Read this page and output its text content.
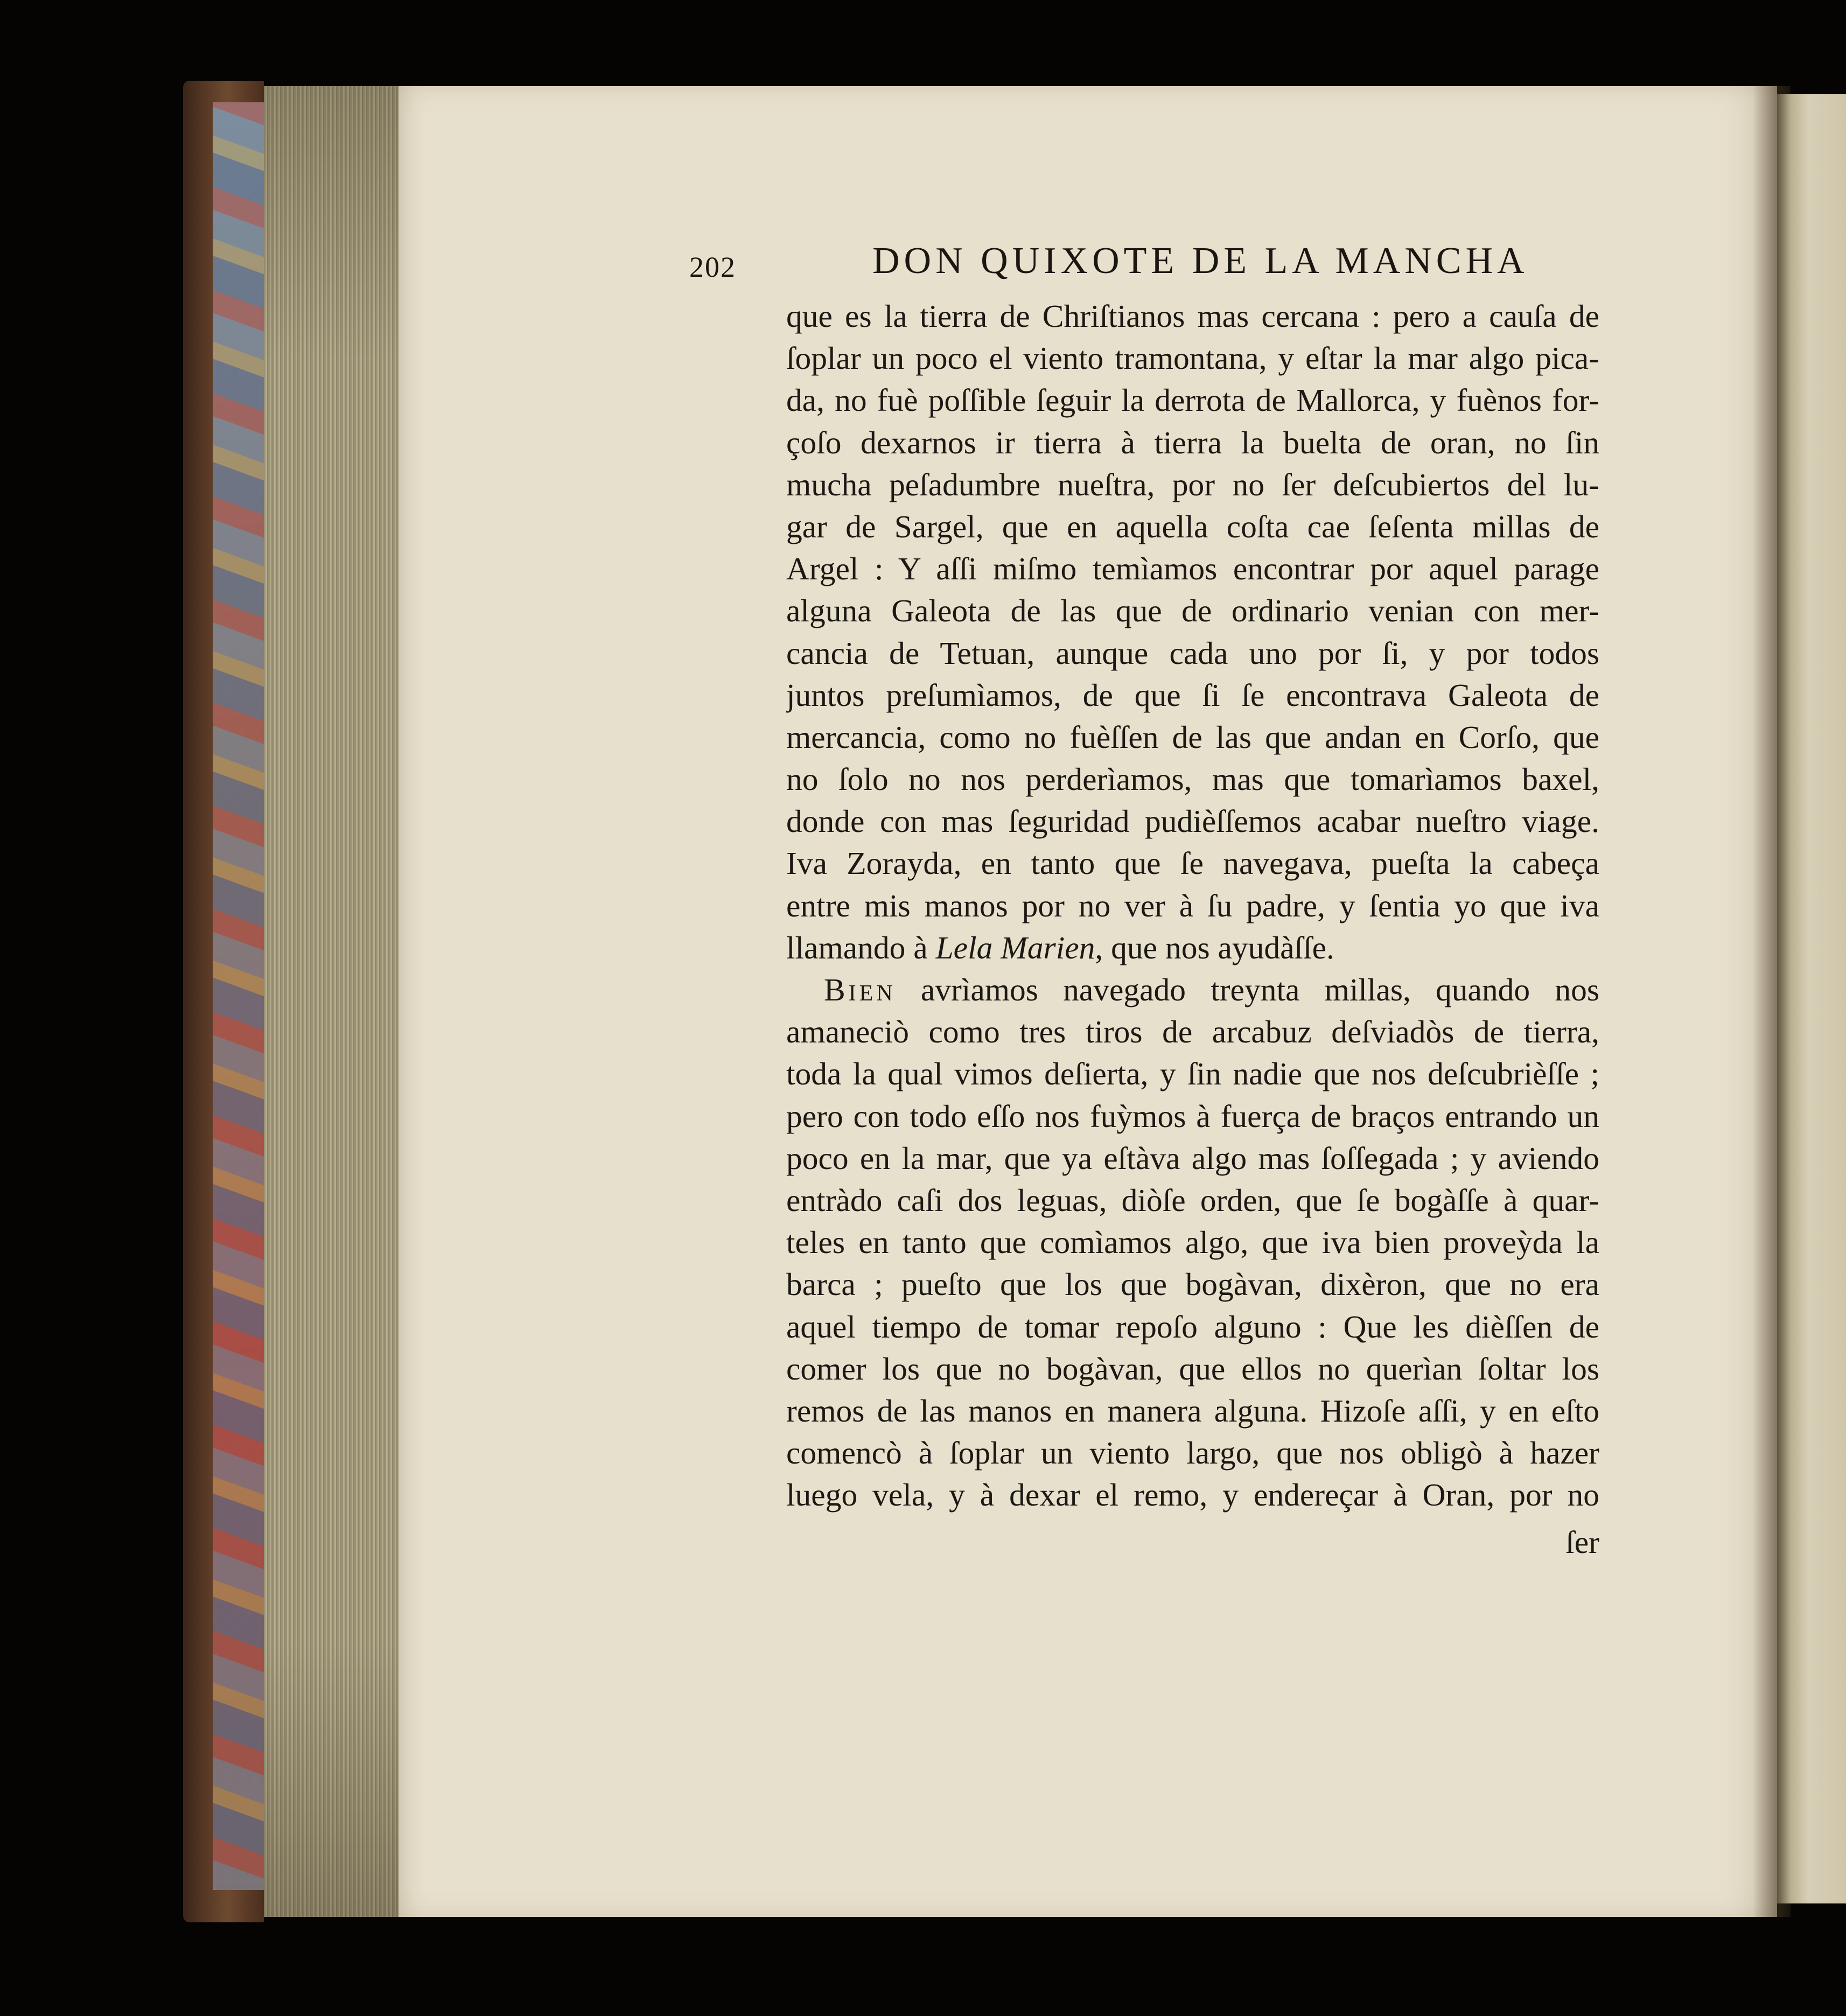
202	DON QUIXOTE DE LA MANCHA
que es la tierra de Chriſtianos mas cercana : pero a cauſa de
ſoplar un poco el viento tramontana, y eſtar la mar algo pica-
da, no fuè poſſible ſeguir la derrota de Mallorca, y fuènos for-
çoſo dexarnos ir tierra à tierra la buelta de oran, no ſin
mucha peſadumbre nueſtra, por no ſer deſcubiertos del lu-
gar de Sargel, que en aquella coſta cae ſeſenta millas de
Argel : Y aſſi miſmo temìamos encontrar por aquel parage
alguna Galeota de las que de ordinario venian con mer-
cancia de Tetuan, aunque cada uno por ſi, y por todos
juntos preſumìamos, de que ſi ſe encontrava Galeota de
mercancia, como no fuèſſen de las que andan en Corſo, que
no ſolo no nos perderìamos, mas que tomarìamos baxel,
donde con mas ſeguridad pudièſſemos acabar nueſtro viage.
Iva Zorayda, en tanto que ſe navegava, pueſta la cabeça
entre mis manos por no ver à ſu padre, y ſentia yo que iva
llamando à Lela Marien, que nos ayudàſſe.
Bien avrìamos navegado treynta millas, quando nos
amaneciò como tres tiros de arcabuz deſviadòs de tierra,
toda la qual vimos deſierta, y ſin nadie que nos deſcubrièſſe ;
pero con todo eſſo nos fuỳmos à fuerça de braços entrando un
poco en la mar, que ya eſtàva algo mas ſoſſegada ; y aviendo
entràdo caſi dos leguas, diòſe orden, que ſe bogàſſe à quar-
teles en tanto que comìamos algo, que iva bien proveỳda la
barca ; pueſto que los que bogàvan, dixèron, que no era
aquel tiempo de tomar repoſo alguno : Que les dièſſen de
comer los que no bogàvan, que ellos no querìan ſoltar los
remos de las manos en manera alguna. Hizoſe aſſi, y en eſto
comencò à ſoplar un viento largo, que nos obligò à hazer
luego vela, y à dexar el remo, y endereçar à Oran, por no
ſer
